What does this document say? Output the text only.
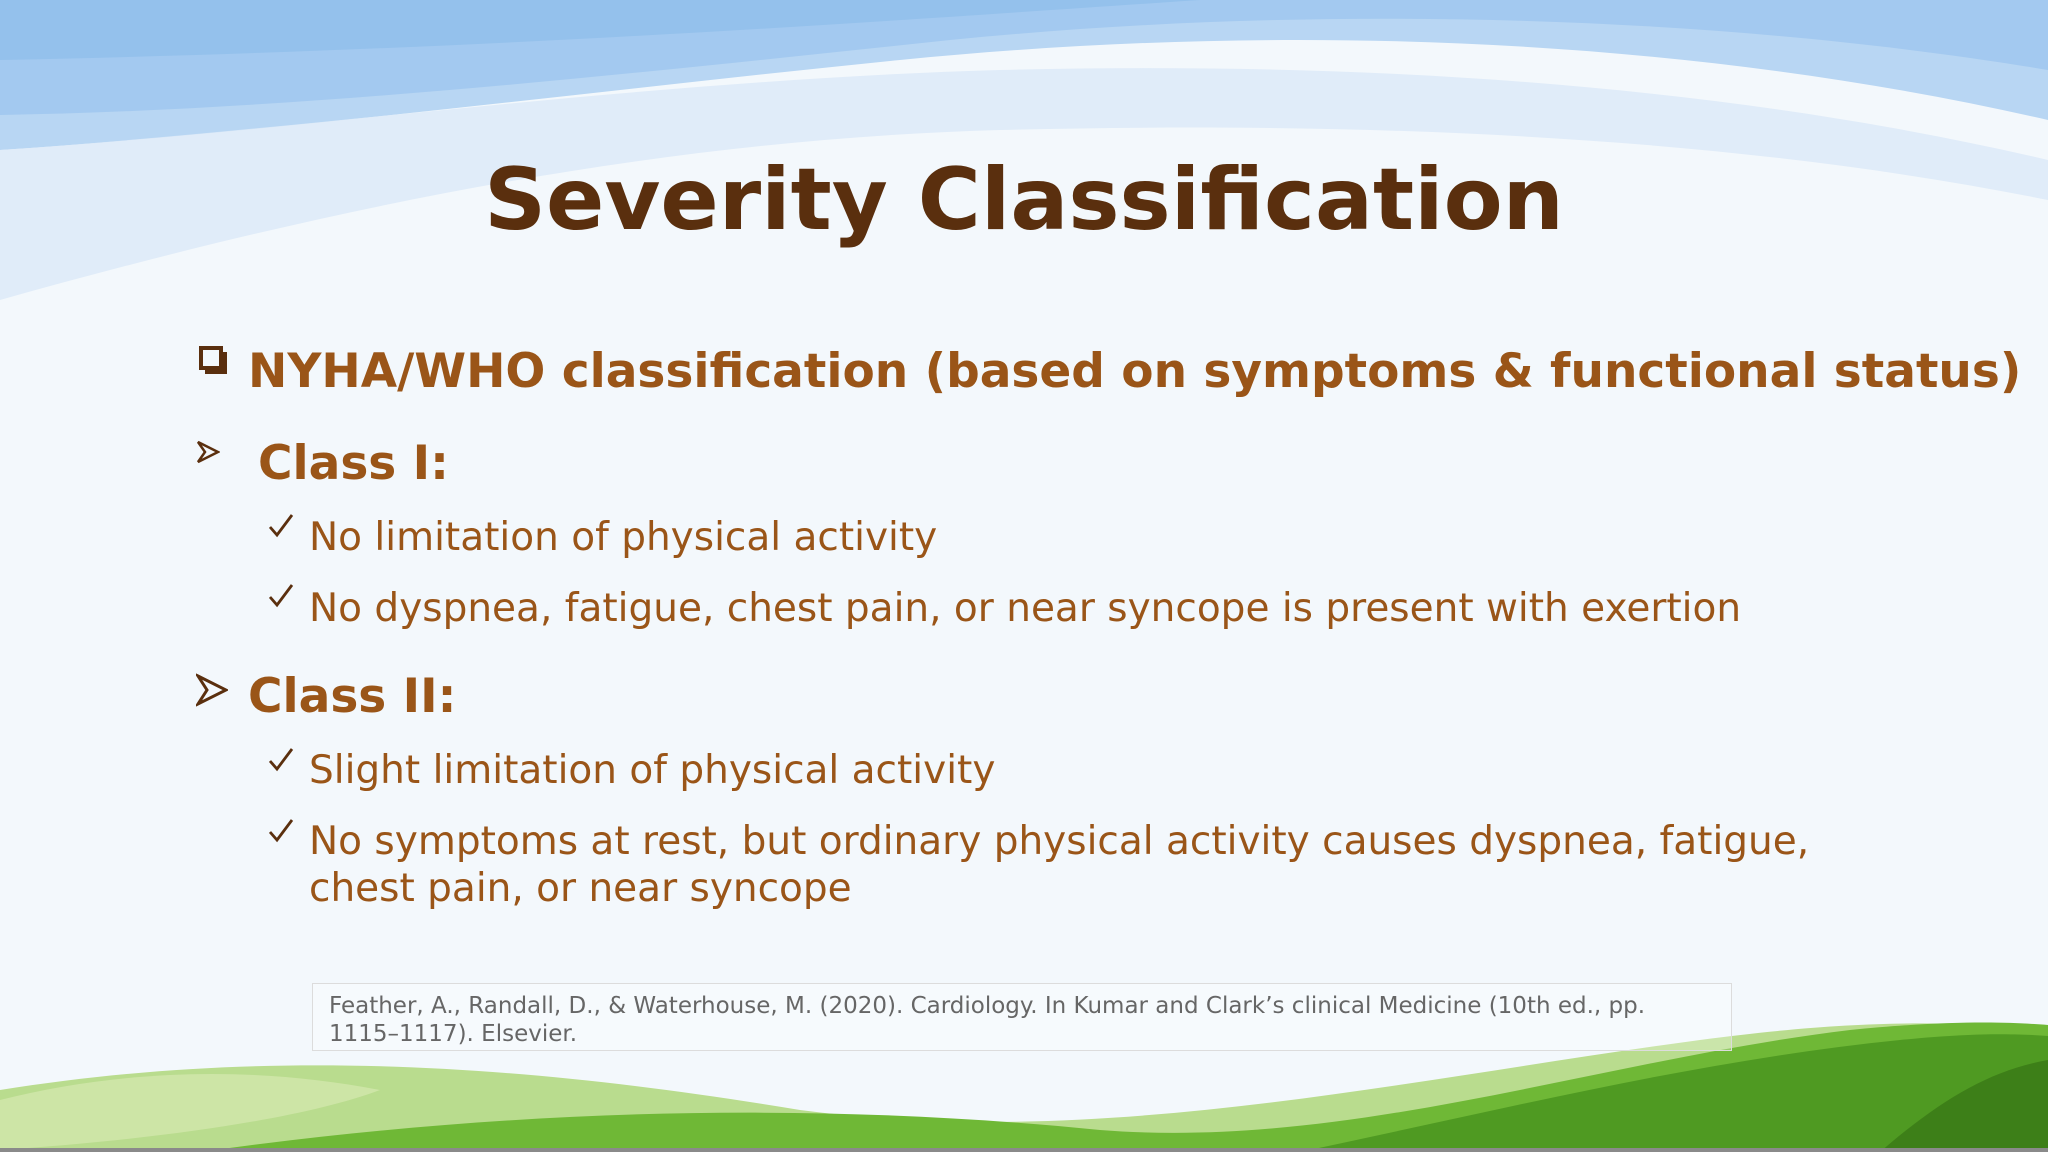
Severity Classification
NYHA/WHO classification (based on symptoms & functional status)
Class I:
No limitation of physical activity
No dyspnea, fatigue, chest pain, or near syncope is present with exertion
Class II:
Slight limitation of physical activity
No symptoms at rest, but ordinary physical activity causes dyspnea, fatigue, chest pain, or near syncope
Feather, A., Randall, D., & Waterhouse, M. (2020). Cardiology. In Kumar and Clark’s clinical Medicine (10th ed., pp. 1115–1117). Elsevier.
